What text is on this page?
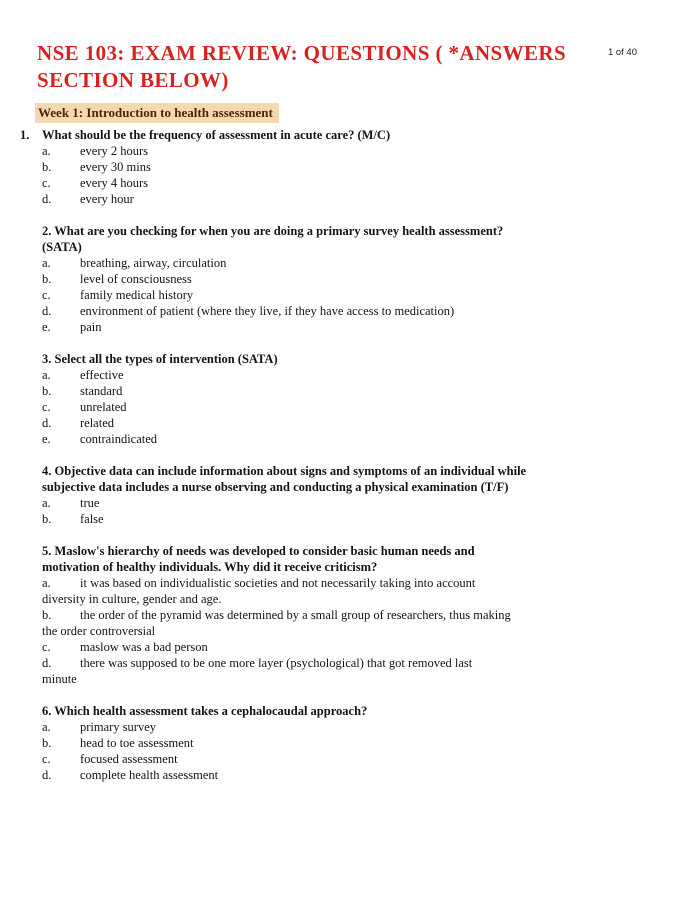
1 of 40
NSE 103: EXAM REVIEW: QUESTIONS ( *ANSWERS
SECTION BELOW)
Week 1: Introduction to health assessment
1. What should be the frequency of assessment in acute care? (M/C)
a. every 2 hours
b. every 30 mins
c. every 4 hours
d. every hour
2. What are you checking for when you are doing a primary survey health assessment?
(SATA)
a. breathing, airway, circulation
b. level of consciousness
c. family medical history
d. environment of patient (where they live, if they have access to medication)
e. pain
3. Select all the types of intervention (SATA)
a. effective
b. standard
c. unrelated
d. related
e. contraindicated
4. Objective data can include information about signs and symptoms of an individual while
subjective data includes a nurse observing and conducting a physical examination (T/F)
a. true
b. false
5. Maslow's hierarchy of needs was developed to consider basic human needs and
motivation of healthy individuals. Why did it receive criticism?
a. it was based on individualistic societies and not necessarily taking into account
diversity in culture, gender and age.
b. the order of the pyramid was determined by a small group of researchers, thus making
the order controversial
c. maslow was a bad person
d. there was supposed to be one more layer (psychological) that got removed last
minute
6. Which health assessment takes a cephalocaudal approach?
a. primary survey
b. head to toe assessment
c. focused assessment
d. complete health assessment
